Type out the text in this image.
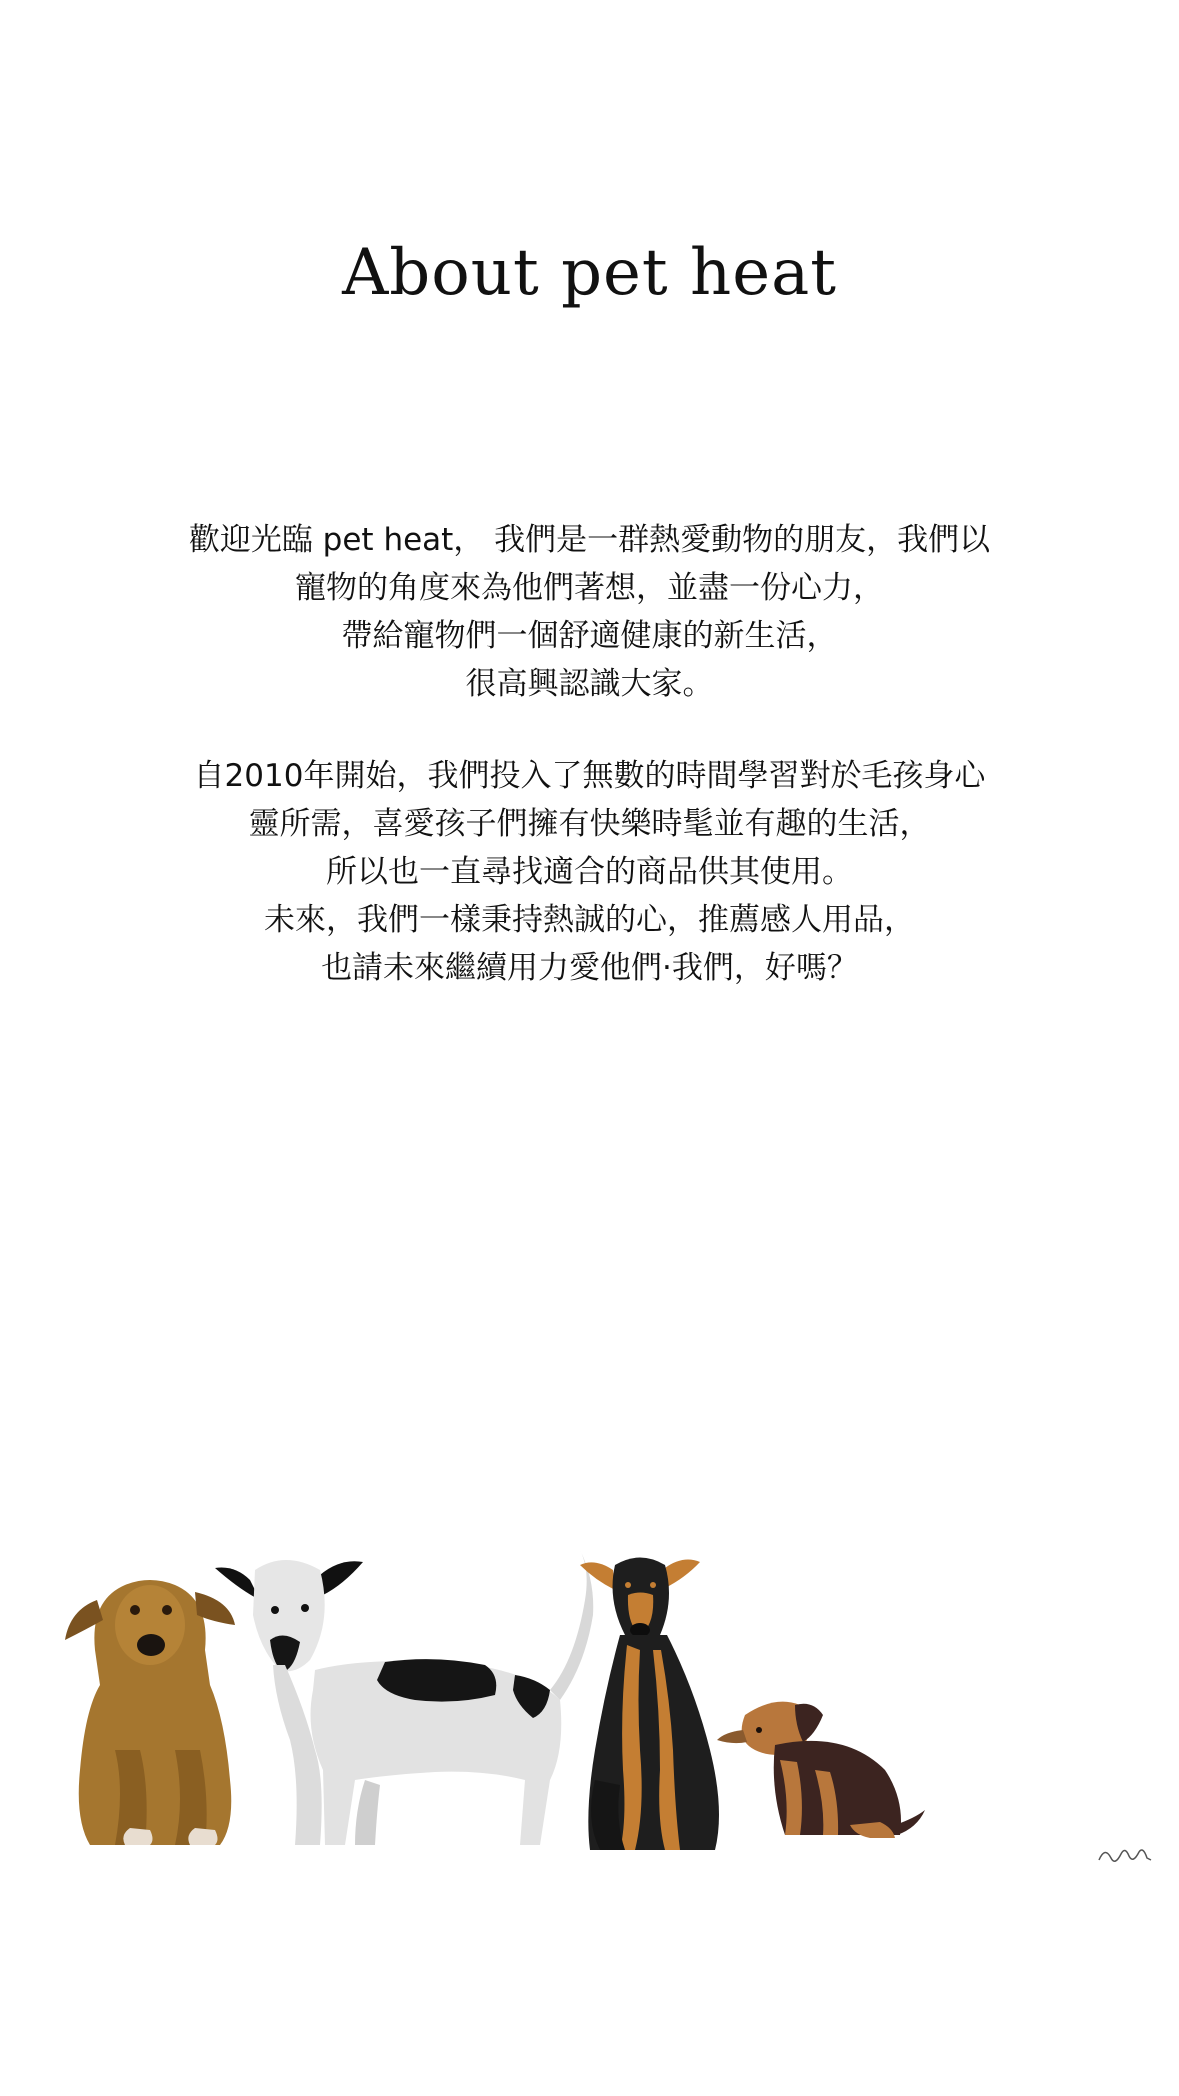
About pet heat

歡迎光臨 pet heat， 我們是一群熱愛動物的朋友，我們以
寵物的角度來為他們著想，並盡一份心力，
帶給寵物們一個舒適健康的新生活，
很高興認識大家。

自2010年開始，我們投入了無數的時間學習對於毛孩身心
靈所需，喜愛孩子們擁有快樂時髦並有趣的生活，
所以也一直尋找適合的商品供其使用。
未來，我們一樣秉持熱誠的心，推薦感人用品，
也請未來繼續用力愛他們·我們，好嗎？
